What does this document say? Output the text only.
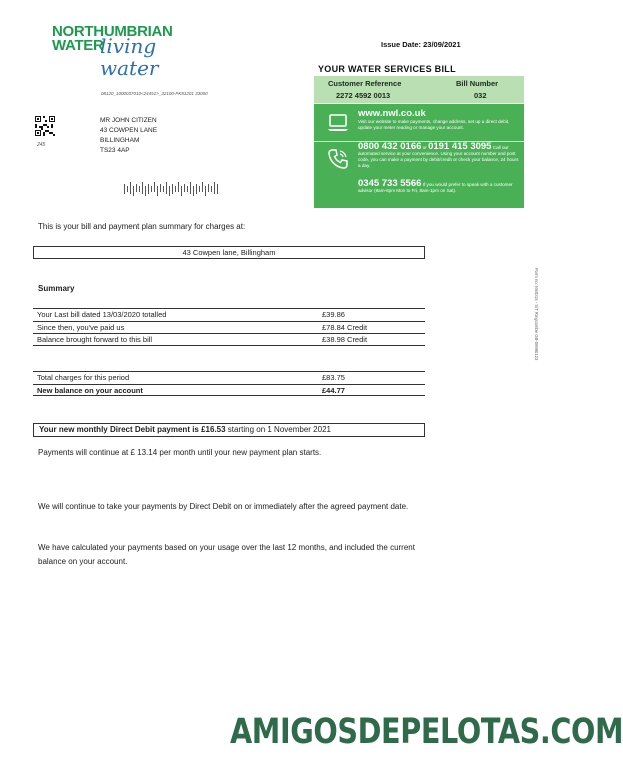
NORTHUMBRIAN
WATER
living water
Issue Date: 23/09/2021
08120_1000037010<24451>_32100-PK81201 33000
245
MR JOHN CITIZEN
43 COWPEN LANE
BILLINGHAM
TS23 4AP
YOUR WATER SERVICES BILL
Customer Reference	Bill Number
2272 4592 0013	032
www.nwl.co.uk
Visit our website to make payments, change address, set up a direct debit, update your meter reading or manage your account.
0800 432 0166 or 0191 415 3095 Call our automated service at your convenience. Using your account number and post code, you can make a payment by debit/credit or check your balance, 24 hours a day.
0345 733 5566 If you would prefer to speak with a customer advisor (8am-6pm Mon to Fri, 8am-1pm on Sat).
Form no: NWD15 - S/T Ringcombe GB-09990123
This is your bill and payment plan summary for charges at:
43 Cowpen lane, Billingham
Summary
Your Last bill dated 13/03/2020 totalled	£39.86
Since then, you've paid us	£78.84 Credit
Balance brought forward to this bill	£38.98 Credit
Total charges for this period	£83.75
New balance on your account	£44.77
Your new monthly Direct Debit payment is £16.53 starting on 1 November 2021
Payments will continue at £ 13.14 per month until your new payment plan starts.
We will continue to take your payments by Direct Debit on or immediately after the agreed payment date.
We have calculated your payments based on your usage over the last 12 months, and included the current balance on your account.
AMIGOSDEPELOTAS.COM
